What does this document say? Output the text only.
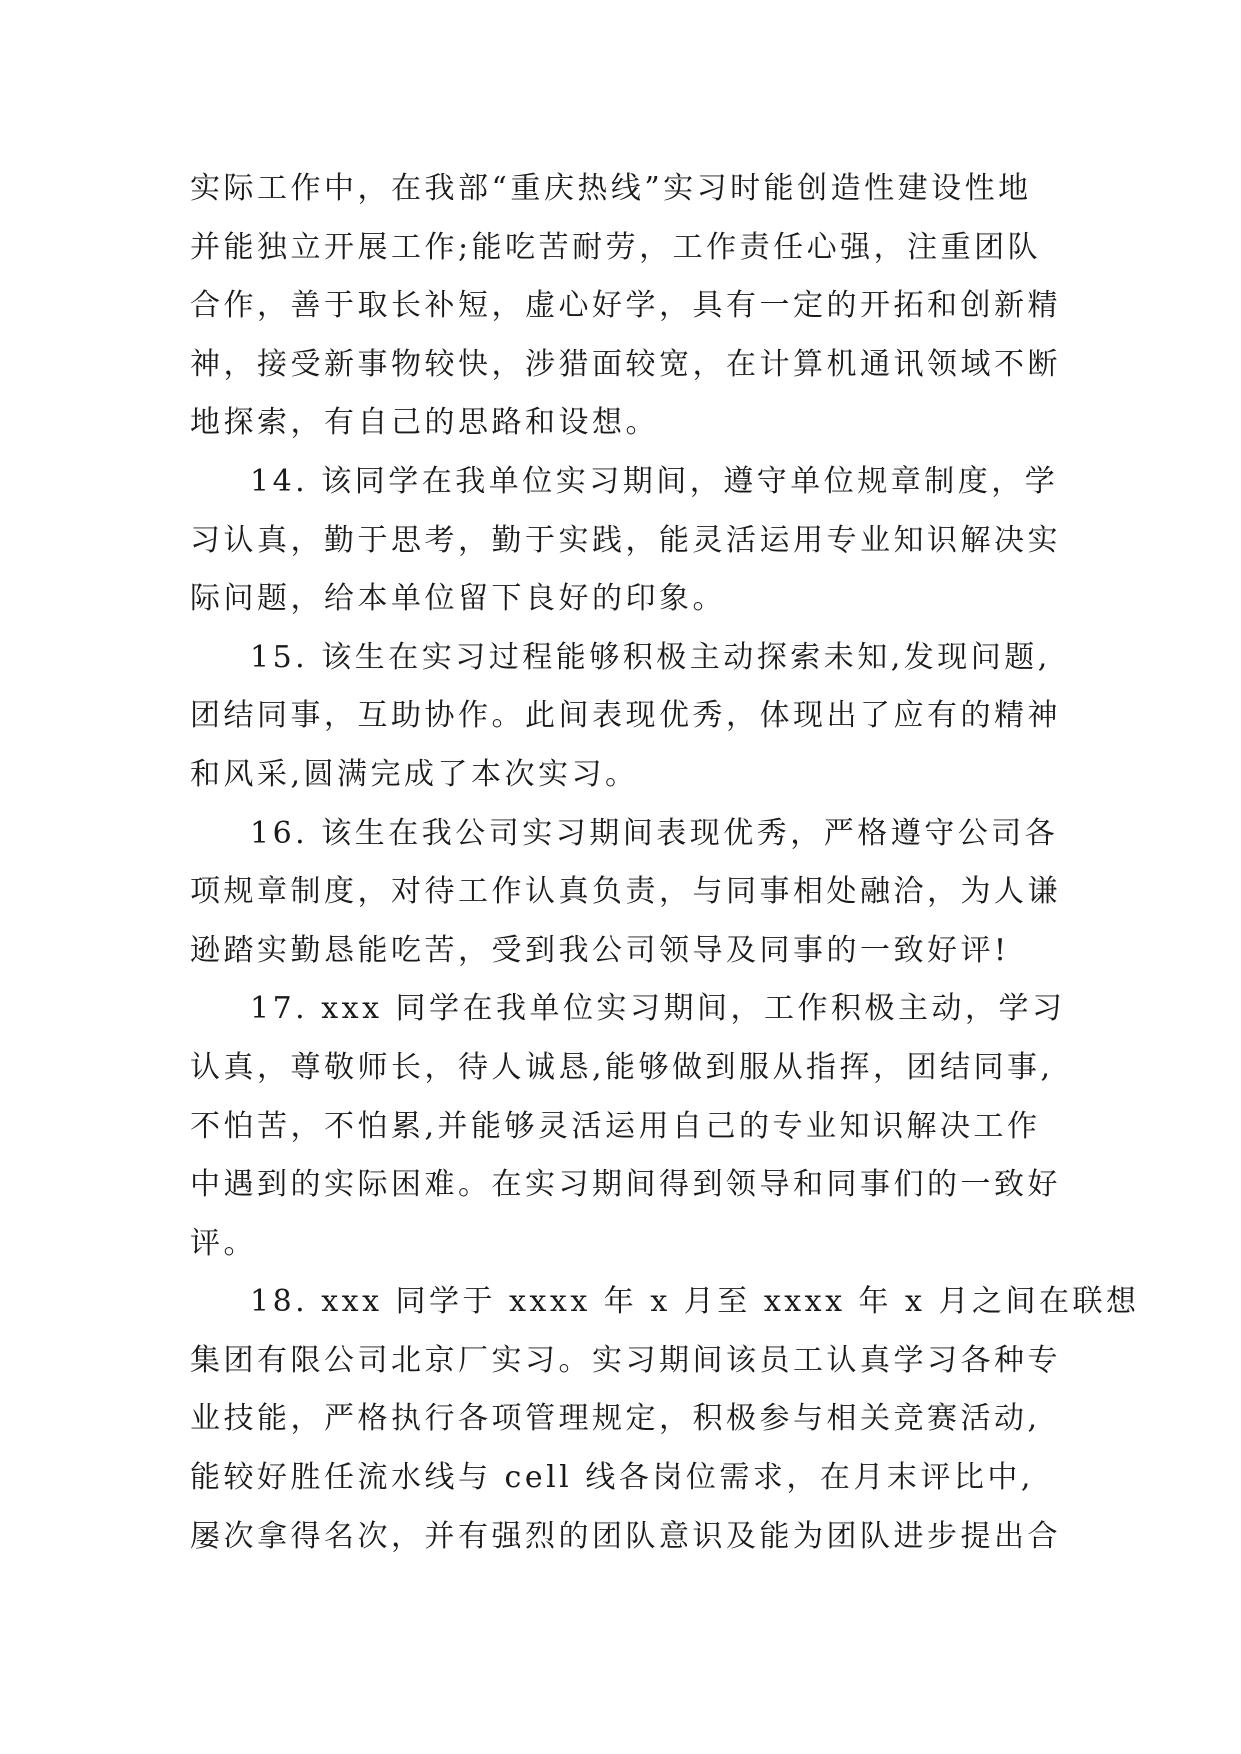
实际工作中，在我部“重庆热线”实习时能创造性建设性地
并能独立开展工作;能吃苦耐劳，工作责任心强，注重团队
合作，善于取长补短，虚心好学，具有一定的开拓和创新精
神，接受新事物较快，涉猎面较宽，在计算机通讯领域不断
地探索，有自己的思路和设想。

14. 该同学在我单位实习期间，遵守单位规章制度，学
习认真，勤于思考，勤于实践，能灵活运用专业知识解决实
际问题，给本单位留下良好的印象。

15. 该生在实习过程能够积极主动探索未知,发现问题,
团结同事，互助协作。此间表现优秀，体现出了应有的精神
和风采,圆满完成了本次实习。

16. 该生在我公司实习期间表现优秀，严格遵守公司各
项规章制度，对待工作认真负责，与同事相处融洽，为人谦
逊踏实勤恳能吃苦，受到我公司领导及同事的一致好评!

17. xxx 同学在我单位实习期间，工作积极主动，学习
认真，尊敬师长，待人诚恳,能够做到服从指挥，团结同事,
不怕苦，不怕累,并能够灵活运用自己的专业知识解决工作
中遇到的实际困难。在实习期间得到领导和同事们的一致好
评。

18. xxx 同学于 xxxx 年 x 月至 xxxx 年 x 月之间在联想
集团有限公司北京厂实习。实习期间该员工认真学习各种专
业技能，严格执行各项管理规定，积极参与相关竞赛活动,
能较好胜任流水线与 cell 线各岗位需求，在月末评比中,
屡次拿得名次，并有强烈的团队意识及能为团队进步提出合
